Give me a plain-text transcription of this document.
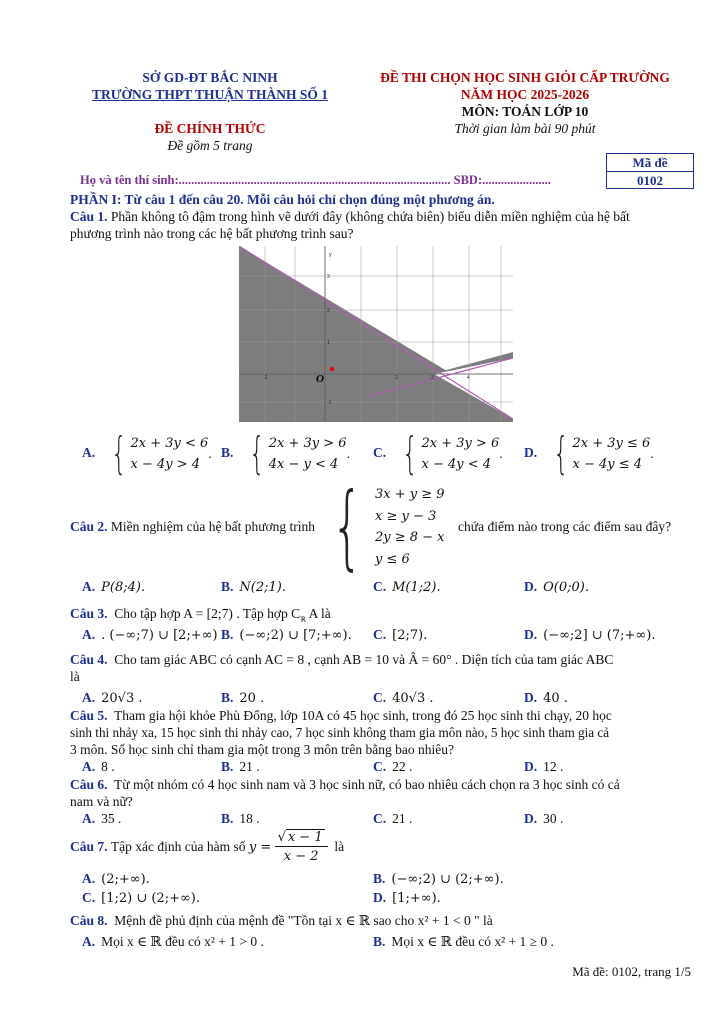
SỞ GD-ĐT BẮC NINH
TRƯỜNG THPT THUẬN THÀNH SỐ 1
ĐỀ CHÍNH THỨC
Đề gồm 5 trang
ĐỀ THI CHỌN HỌC SINH GIỎI CẤP TRƯỜNG
NĂM HỌC 2025-2026
MÔN: TOÁN LỚP 10
Thời gian làm bài 90 phút
Mã đề
0102
Họ và tên thí sinh:....................................................................................... SBD:......................
PHẦN I: Từ câu 1 đến câu 20. Mỗi câu hỏi chỉ chọn đúng một phương án.
Câu 1. Phần không tô đậm trong hình vẽ dưới đây (không chứa biên) biểu diễn miền nghiệm của hệ bất
phương trình nào trong các hệ bất phương trình sau?
O
y
-2	2	3	4
3
2
1
-1
A. { 2x + 3y < 6
x − 4y > 4
. B. { 2x + 3y > 6
4x − y < 4
. C. { 2x + 3y > 6
x − 4y < 4
. D. { 2x + 3y ≤ 6
x − 4y ≤ 4
.
Câu 2.
Miền nghiệm của hệ bất phương trình
{ 3x + y ≥ 9
x ≥ y − 3
2y ≥ 8 − x
y ≤ 6

chứa điểm nào trong các điểm sau đây?
A. P(8;4).	B. N(2;1).	C. M(1;2).	D. O(0;0).
Câu 3. Cho tập hợp A = [2;7) . Tập hợp $C_ℝ$ A là
A. . (−∞;7) ∪ [2;+∞) B. (−∞;2) ∪ [7;+∞). C. [2;7).	D. (−∞;2] ∪ (7;+∞).
Câu 4. Cho tam giác ABC có cạnh AC = 8 , cạnh AB = 10 và Â = 60° . Diện tích của tam giác ABC
là
A. 20√3 .	B. 20 .	C. 40√3 .	D. 40 .
Câu 5. Tham gia hội khỏe Phù Đổng, lớp 10A có 45 học sinh, trong đó 25 học sinh thi chạy, 20 học
sinh thi nhảy xa, 15 học sinh thi nhảy cao, 7 học sinh không tham gia môn nào, 5 học sinh tham gia cả
3 môn. Số học sinh chỉ tham gia một trong 3 môn trên bằng bao nhiêu?
A. 8 .	B. 21 .	C. 22 .	D. 12 .
Câu 6. Từ một nhóm có 4 học sinh nam và 3 học sinh nữ, có bao nhiêu cách chọn ra 3 học sinh có cả
nam và nữ?
A. 35 .	B. 18 .	C. 21 .	D. 30 .
Câu 7.
Tập xác định của hàm số
y =
$\frac{√ x - 1}{x - 2}$
là
A. (2;+∞).	B. (−∞;2) ∪ (2;+∞).
C. [1;2) ∪ (2;+∞).	D. [1;+∞).
Câu 8. Mệnh đề phủ định của mệnh đề "Tồn tại x ∈ ℝ sao cho x² + 1 < 0 " là
A. Mọi x ∈ ℝ đều có x² + 1 > 0 .	B. Mọi x ∈ ℝ đều có x² + 1 ≥ 0 .
Mã đề: 0102, trang 1/5
